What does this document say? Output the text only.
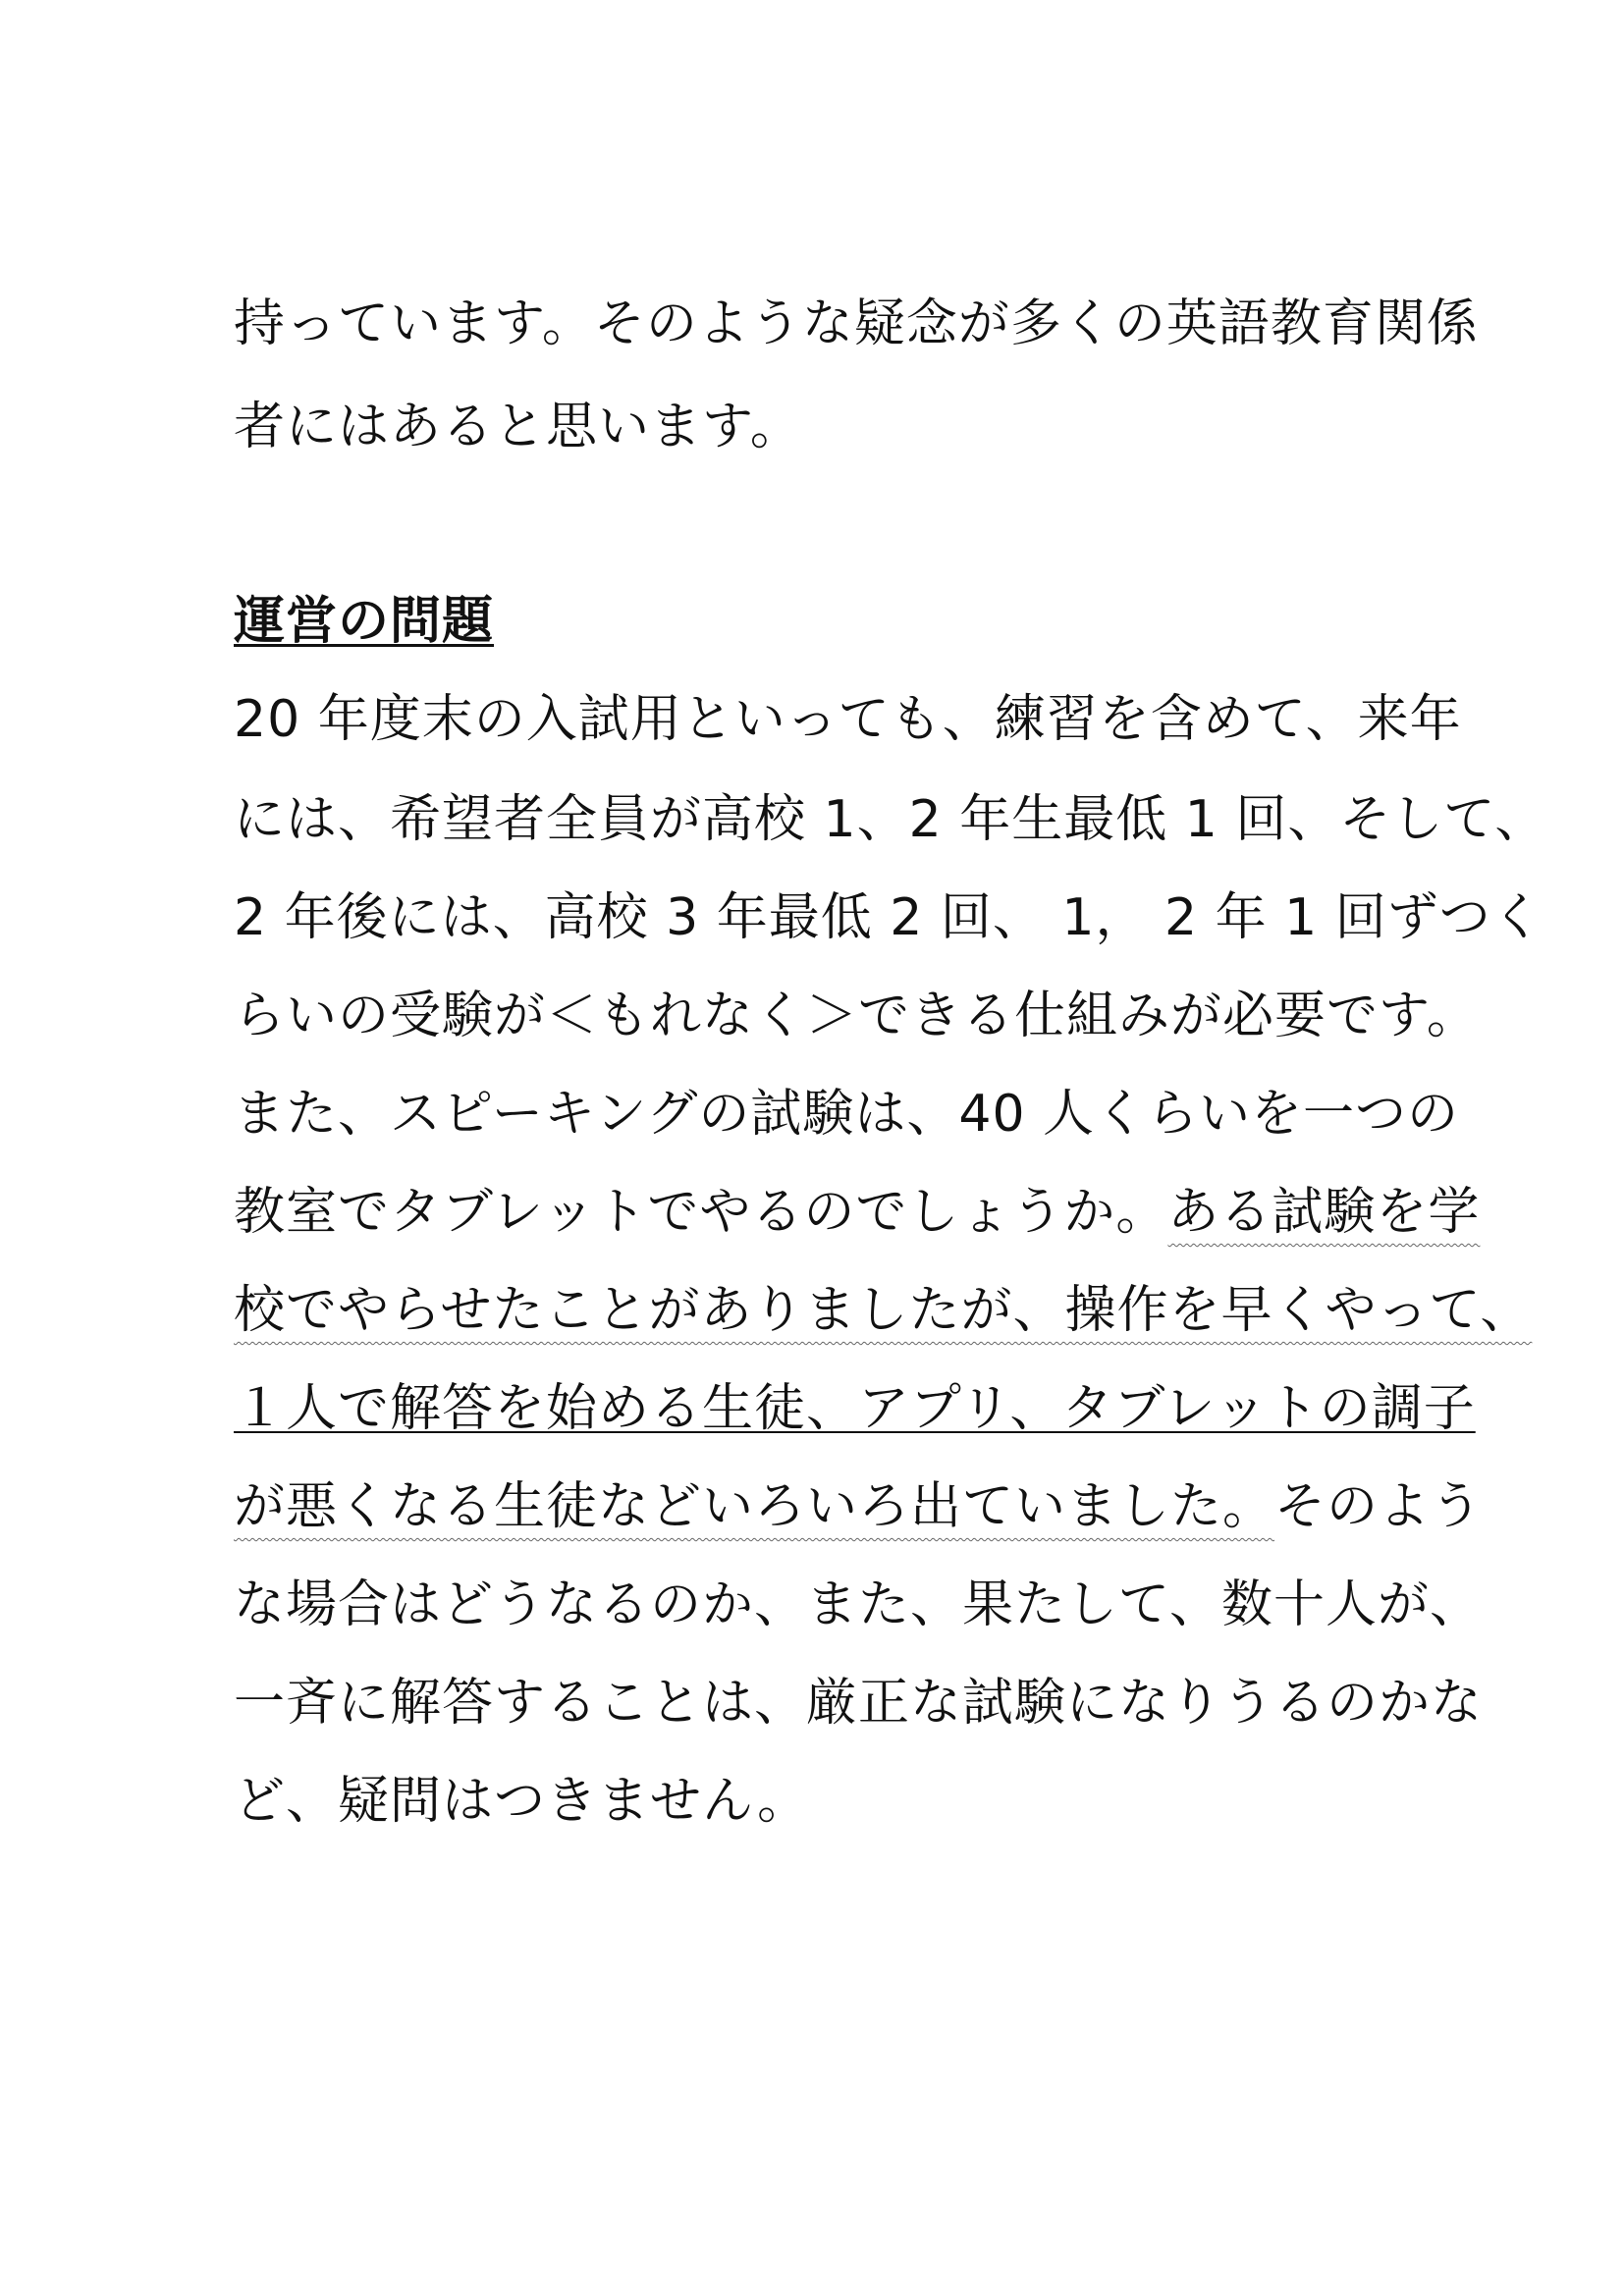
持っています。そのような疑念が多くの英語教育関係
者にはあると思います。
運営の問題
20 年度末の入試用といっても、練習を含めて、来年
には、希望者全員が高校 1、2 年生最低 1 回、そして、
2 年後には、高校 3 年最低 2 回、 1， 2 年 1 回ずつく
らいの受験が＜もれなく＞できる仕組みが必要です。
また、スピーキングの試験は、40 人くらいを一つの
教室でタブレットでやるのでしょうか。ある試験を学
校でやらせたことがありましたが、操作を早くやって、
１人で解答を始める生徒、アプリ、タブレットの調子
が悪くなる生徒などいろいろ出ていました。そのよう
な場合はどうなるのか、また、果たして、数十人が、
一斉に解答することは、厳正な試験になりうるのかな
ど、疑問はつきません。
